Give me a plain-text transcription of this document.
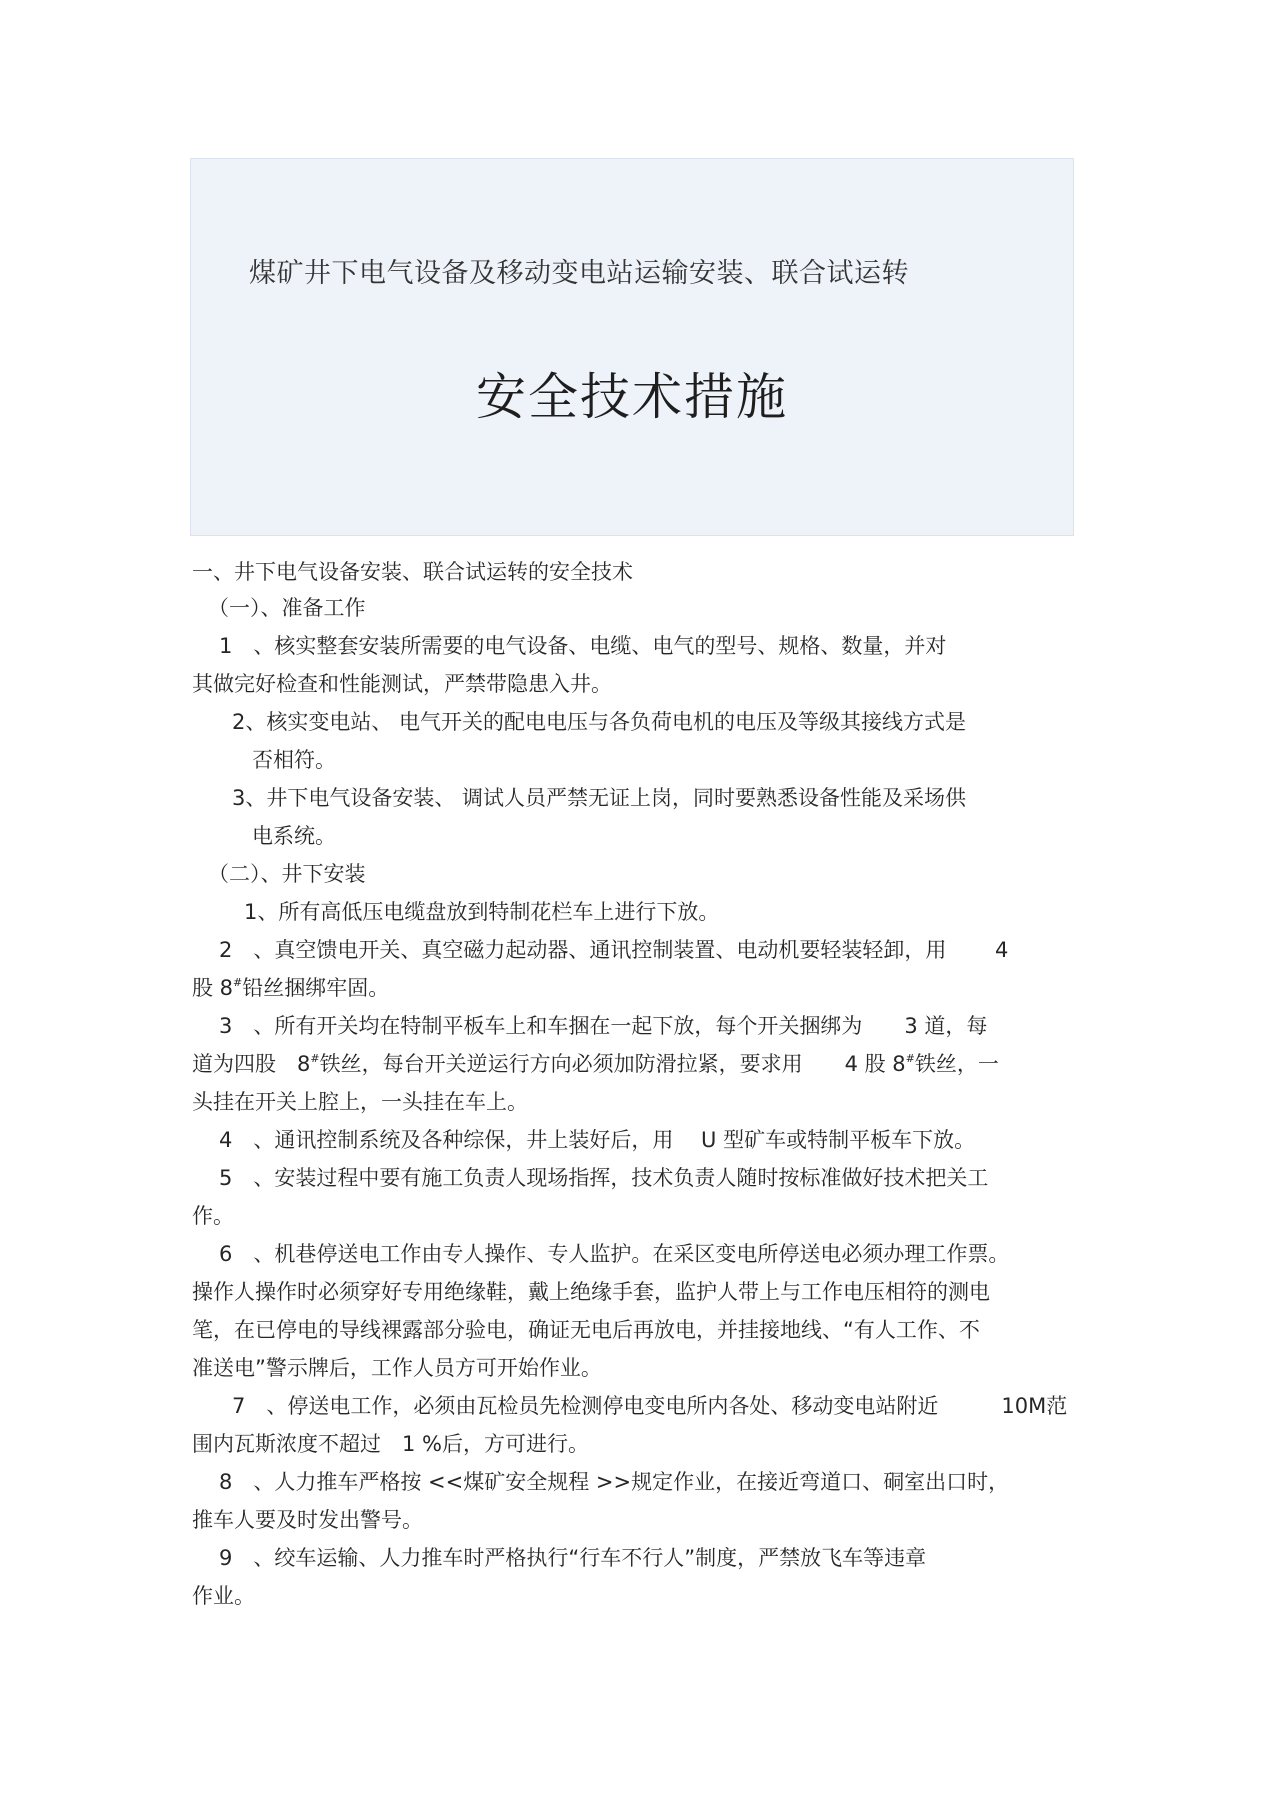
煤矿井下电气设备及移动变电站运输安装、联合试运转
安全技术措施
一、井下电气设备安装、联合试运转的安全技术
（一）、准备工作
1　、核实整套安装所需要的电气设备、电缆、电气的型号、规格、数量，并对
其做完好检查和性能测试，严禁带隐患入井。
2、核实变电站、 电气开关的配电电压与各负荷电机的电压及等级其接线方式是
否相符。
3、井下电气设备安装、 调试人员严禁无证上岗，同时要熟悉设备性能及采场供
电系统。
（二）、井下安装
1、所有高低压电缆盘放到特制花栏车上进行下放。
2　、真空馈电开关、真空磁力起动器、通讯控制装置、电动机要轻装轻卸，用　　 4
股 8#铅丝捆绑牢固。
3　、所有开关均在特制平板车上和车捆在一起下放，每个开关捆绑为　　3 道，每
道为四股　8#铁丝，每台开关逆运行方向必须加防滑拉紧，要求用　　4 股 8#铁丝，一
头挂在开关上腔上，一头挂在车上。
4　、通讯控制系统及各种综保，井上装好后，用　 U 型矿车或特制平板车下放。
5　、安装过程中要有施工负责人现场指挥，技术负责人随时按标准做好技术把关工
作。
6　、机巷停送电工作由专人操作、专人监护。在采区变电所停送电必须办理工作票。
操作人操作时必须穿好专用绝缘鞋，戴上绝缘手套，监护人带上与工作电压相符的测电
笔，在已停电的导线裸露部分验电，确证无电后再放电，并挂接地线、“有人工作、不
准送电”警示牌后，工作人员方可开始作业。
7　、停送电工作，必须由瓦检员先检测停电变电所内各处、移动变电站附近　　　10M范
围内瓦斯浓度不超过　1 %后，方可进行。
8　、人力推车严格按 <<煤矿安全规程 >>规定作业，在接近弯道口、硐室出口时，
推车人要及时发出警号。
9　、绞车运输、人力推车时严格执行“行车不行人”制度，严禁放飞车等违章
作业。
